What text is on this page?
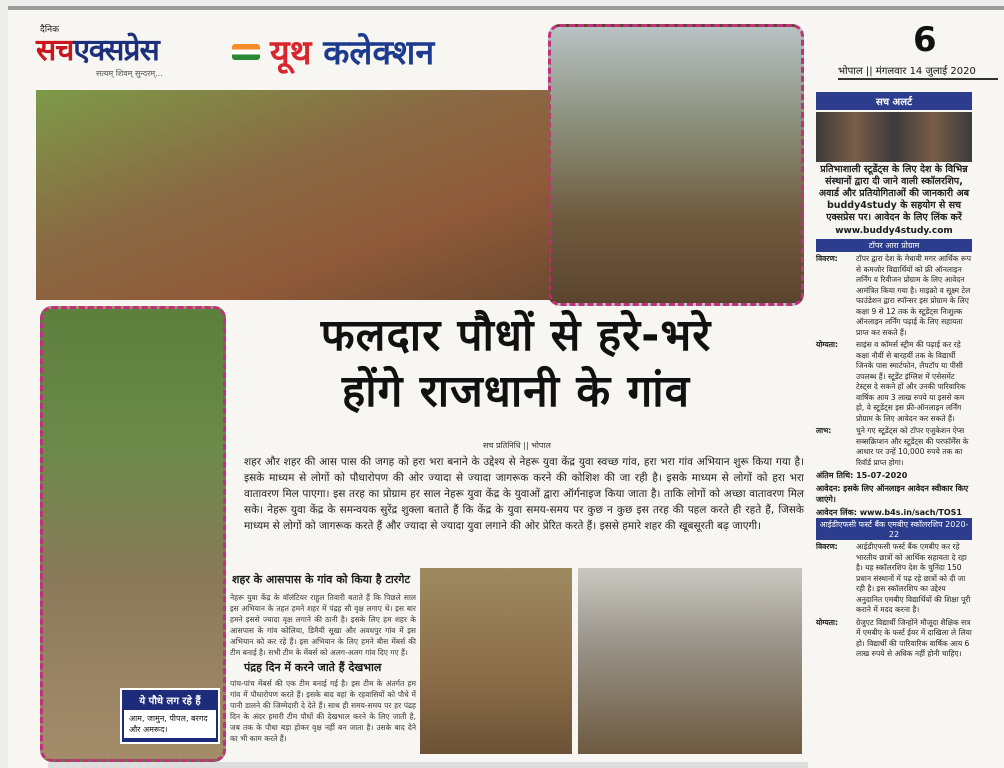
दैनिक
सचएक्सप्रेस
सत्यम् शिवम् सुन्दरम्...
यूथ कलेक्शन	6
भोपाल || मंगलवार 14 जुलाई 2020
ये पौधे लग रहे हैं
आम, जामुन, पीपल, बरगद और अमरूद।
फलदार पौधों से हरे-भरे
होंगे राजधानी के गांव
सच प्रतिनिधि || भोपाल
शहर और शहर की आस पास की जगह को हरा भरा बनाने के उद्देश्य से नेहरू युवा केंद्र युवा स्वच्छ गांव, हरा भरा गांव अभियान शुरू किया गया है। इसके माध्यम से लोगों को पौधारोपण की ओर ज्यादा से ज्यादा जागरूक करने की कोशिश की जा रही है। इसके माध्यम से लोगों को हरा भरा वातावरण मिल पाएगा। इस तरह का प्रोग्राम हर साल नेहरू युवा केंद्र के युवाओं द्वारा ऑर्गनाइज किया जाता है। ताकि लोगों को अच्छा वातावरण मिल सके। नेहरू युवा केंद्र के समन्वयक सुरेंद्र शुक्ला बताते हैं कि केंद्र के युवा समय-समय पर कुछ न कुछ इस तरह की पहल करते ही रहते हैं, जिसके माध्यम से लोगों को जागरूक करते हैं और ज्यादा से ज्यादा युवा लगाने की ओर प्रेरित करते हैं। इससे हमारे शहर की खूबसूरती बढ़ जाएगी।
शहर के आसपास के गांव को किया है टारगेट
नेहरू युवा केंद्र के वॉलंटियर राहुल तिवारी बताते हैं कि पिछले साल इस अभियान के तहत हमने शहर में पंद्रह सौ वृक्ष लगाए थे। इस बार हमने इससे ज्यादा वृक्ष लगाने की ठानी है। इसके लिए हम शहर के आसपास के गांव कोलिया, डिमैयी सूखा और अवधपुर गांव में इस अभियान को कर रहे हैं। इस अभियान के लिए हमने बीस मेंबर्स की टीम बनाई है। सभी टीम के मेंबर्स को अलग-अलग गांव दिए गए हैं।
पंद्रह दिन में करने जाते हैं देखभाल
पांच-पांच मेंबर्स की एक टीम बनाई गई है। इस टीम के अंतर्गत हम गांव में पौधारोपण करते हैं। इसके बाद वहां के रहवासियों को पौधे में पानी डालने की जिम्मेदारी दे देते हैं। साथ ही समय-समय पर हर पंद्रह दिन के अंदर हमारी टीम पौधों की देखभाल करने के लिए जाती है, जब तक के पौधा बड़ा होकर वृक्ष नहीं बन जाता है। उसके बाद देने का भी काम करते हैं।
सच अलर्ट
प्रतिभाशाली स्टूडेंट्स के लिए देश के विभिन्न संस्थानों द्वारा दी जाने वाली स्कॉलरशिप, अवार्ड और प्रतियोगिताओं की जानकारी अब buddy4study के सहयोग से सच एक्सप्रेस पर। आवेदन के लिए लिंक करें
www.buddy4study.com
टॉपर आरा प्रोग्राम
विवरण:	टॉपर द्वारा देश के मेधावी मगर आर्थिक रूप से कमजोर विद्यार्थियों को फ्री ऑनलाइन लर्निंग व रिवीजन प्रोग्राम के लिए आवेदन आमंत्रित किया गया है। माइक्रो व सूक्ष्म टेल फाउंडेशन द्वारा स्पॉन्सर इस प्रोग्राम के लिए कक्षा 9 से 12 तक के स्टूडेंट्स निःशुल्क ऑनलाइन लर्निंग पढ़ाई के लिए सहायता प्राप्त कर सकते हैं।
योग्यता:	साइंस व कॉमर्स स्ट्रीम की पढ़ाई कर रहे कक्षा नौवीं से बारहवीं तक के विद्यार्थी जिनके पास स्मार्टफोन, लैपटॉप या पीसी उपलब्ध हैं। स्टूडेंट इंग्लिश में एसेसमेंट टेस्ट्स दे सकने हों और उनकी पारिवारिक वार्षिक आय 3 लाख रुपये या इससे कम हो, वे स्टूडेंट्स इस फ्री-ऑनलाइन लर्निंग प्रोग्राम के लिए आवेदन कर सकते हैं।
लाभ:	चुने गए स्टूडेंट्स को टॉपर एजुकेशन ऐप्स सब्सक्रिप्शन और स्टूडेंट्स की परफॉर्मेंस के आधार पर उन्हें 10,000 रुपये तक का रिवॉर्ड प्राप्त होगा।
अंतिम तिथि: 15-07-2020
आवेदन: इसके लिए ऑनलाइन आवेदन स्वीकार किए जाएंगे।
आवेदन लिंक: www.b4s.in/sach/TOS1
आईडीएफसी फर्स्ट बैंक एमबीए स्कॉलरशिप 2020-22
विवरण:	आईडीएफसी फर्स्ट बैंक एमबीए कर रहे भारतीय छात्रों को आर्थिक सहायता दे रहा है। यह स्कॉलरशिप देश के चुनिंदा 150 प्रधान संस्थानों में पढ़ रहे छात्रों को दी जा रही है। इस स्कॉलरशिप का उद्देश्य अनुदानित एमबीए विद्यार्थियों की शिक्षा पूरी कराने में मदद करना है।
योग्यता:	ग्रेजुएट विद्यार्थी जिन्होंने मौजूदा शैक्षिक सत्र में एमबीए के फर्स्ट ईयर में दाखिला ले लिया हो। विद्यार्थी की पारिवारिक वार्षिक आय 6 लाख रुपये से अधिक नहीं होनी चाहिए।
